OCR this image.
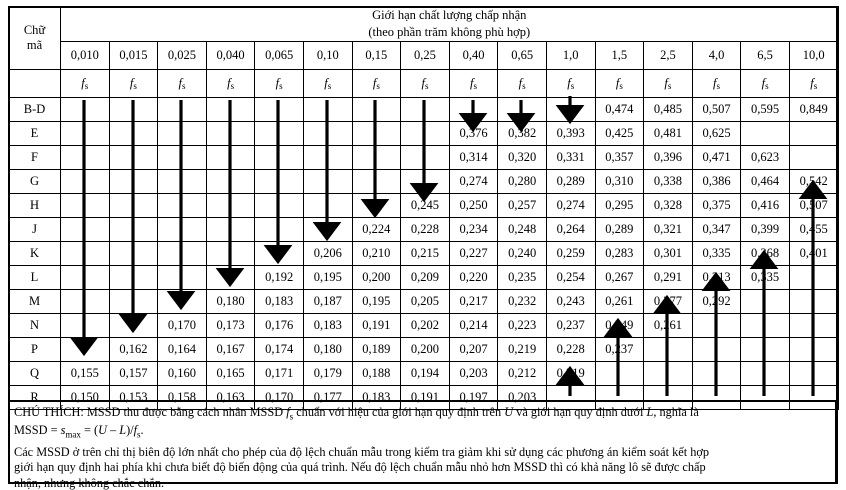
Chữ
mã

Giới hạn chất lượng chấp nhận
(theo phần trăm không phù hợp)

	0,010	0,015	0,025	0,040	0,065	0,10	0,15	0,25	0,40	0,65	1,0	1,5	2,5	4,0	6,5	10,0
	$f_s$	$f_s$	$f_s$	$f_s$	$f_s$	$f_s$	$f_s$	$f_s$	$f_s$	$f_s$	$f_s$	$f_s$	$f_s$	$f_s$	$f_s$	$f_s$
B-D												0,474	0,485	0,507	0,595	0,849
E									0,376	0,382	0,393	0,425	0,481	0,625		
F									0,314	0,320	0,331	0,357	0,396	0,471	0,623	
G									0,274	0,280	0,289	0,310	0,338	0,386	0,464	0,542
H								0,245	0,250	0,257	0,274	0,295	0,328	0,375	0,416	0,507
J							0,224	0,228	0,234	0,248	0,264	0,289	0,321	0,347	0,399	0,455
K						0,206	0,210	0,215	0,227	0,240	0,259	0,283	0,301	0,335	0,368	0,401
L					0,192	0,195	0,200	0,209	0,220	0,235	0,254	0,267	0,291	0,313	0,335	
M				0,180	0,183	0,187	0,195	0,205	0,217	0,232	0,243	0,261	0,277	0,292		
N			0,170	0,173	0,176	0,183	0,191	0,202	0,214	0,223	0,237	0,249	0,261			
P		0,162	0,164	0,167	0,174	0,180	0,189	0,200	0,207	0,219	0,228	0,237				
Q	0,155	0,157	0,160	0,165	0,171	0,179	0,188	0,194	0,203	0,212	0,219					
R	0,150	0,153	0,158	0,163	0,170	0,177	0,183	0,191	0,197	0,203						
CHÚ THÍCH: MSSD thu được bằng cách nhân MSSD $f_s$ chuẩn với hiệu của giới hạn quy định trên U và giới hạn quy định dưới L, nghĩa là
MSSD = $s_{max} = (U - L)/f_s$.
Các MSSD ở trên chỉ thị biên độ lớn nhất cho phép của độ lệch chuẩn mẫu trong kiểm tra giảm khi sử dụng các phương án kiểm soát kết hợp
giới hạn quy định hai phía khi chưa biết độ biến động của quá trình. Nếu độ lệch chuẩn mẫu nhỏ hơn MSSD thì có khả năng lô sẽ được chấp
nhận, nhưng không chắc chắn.
